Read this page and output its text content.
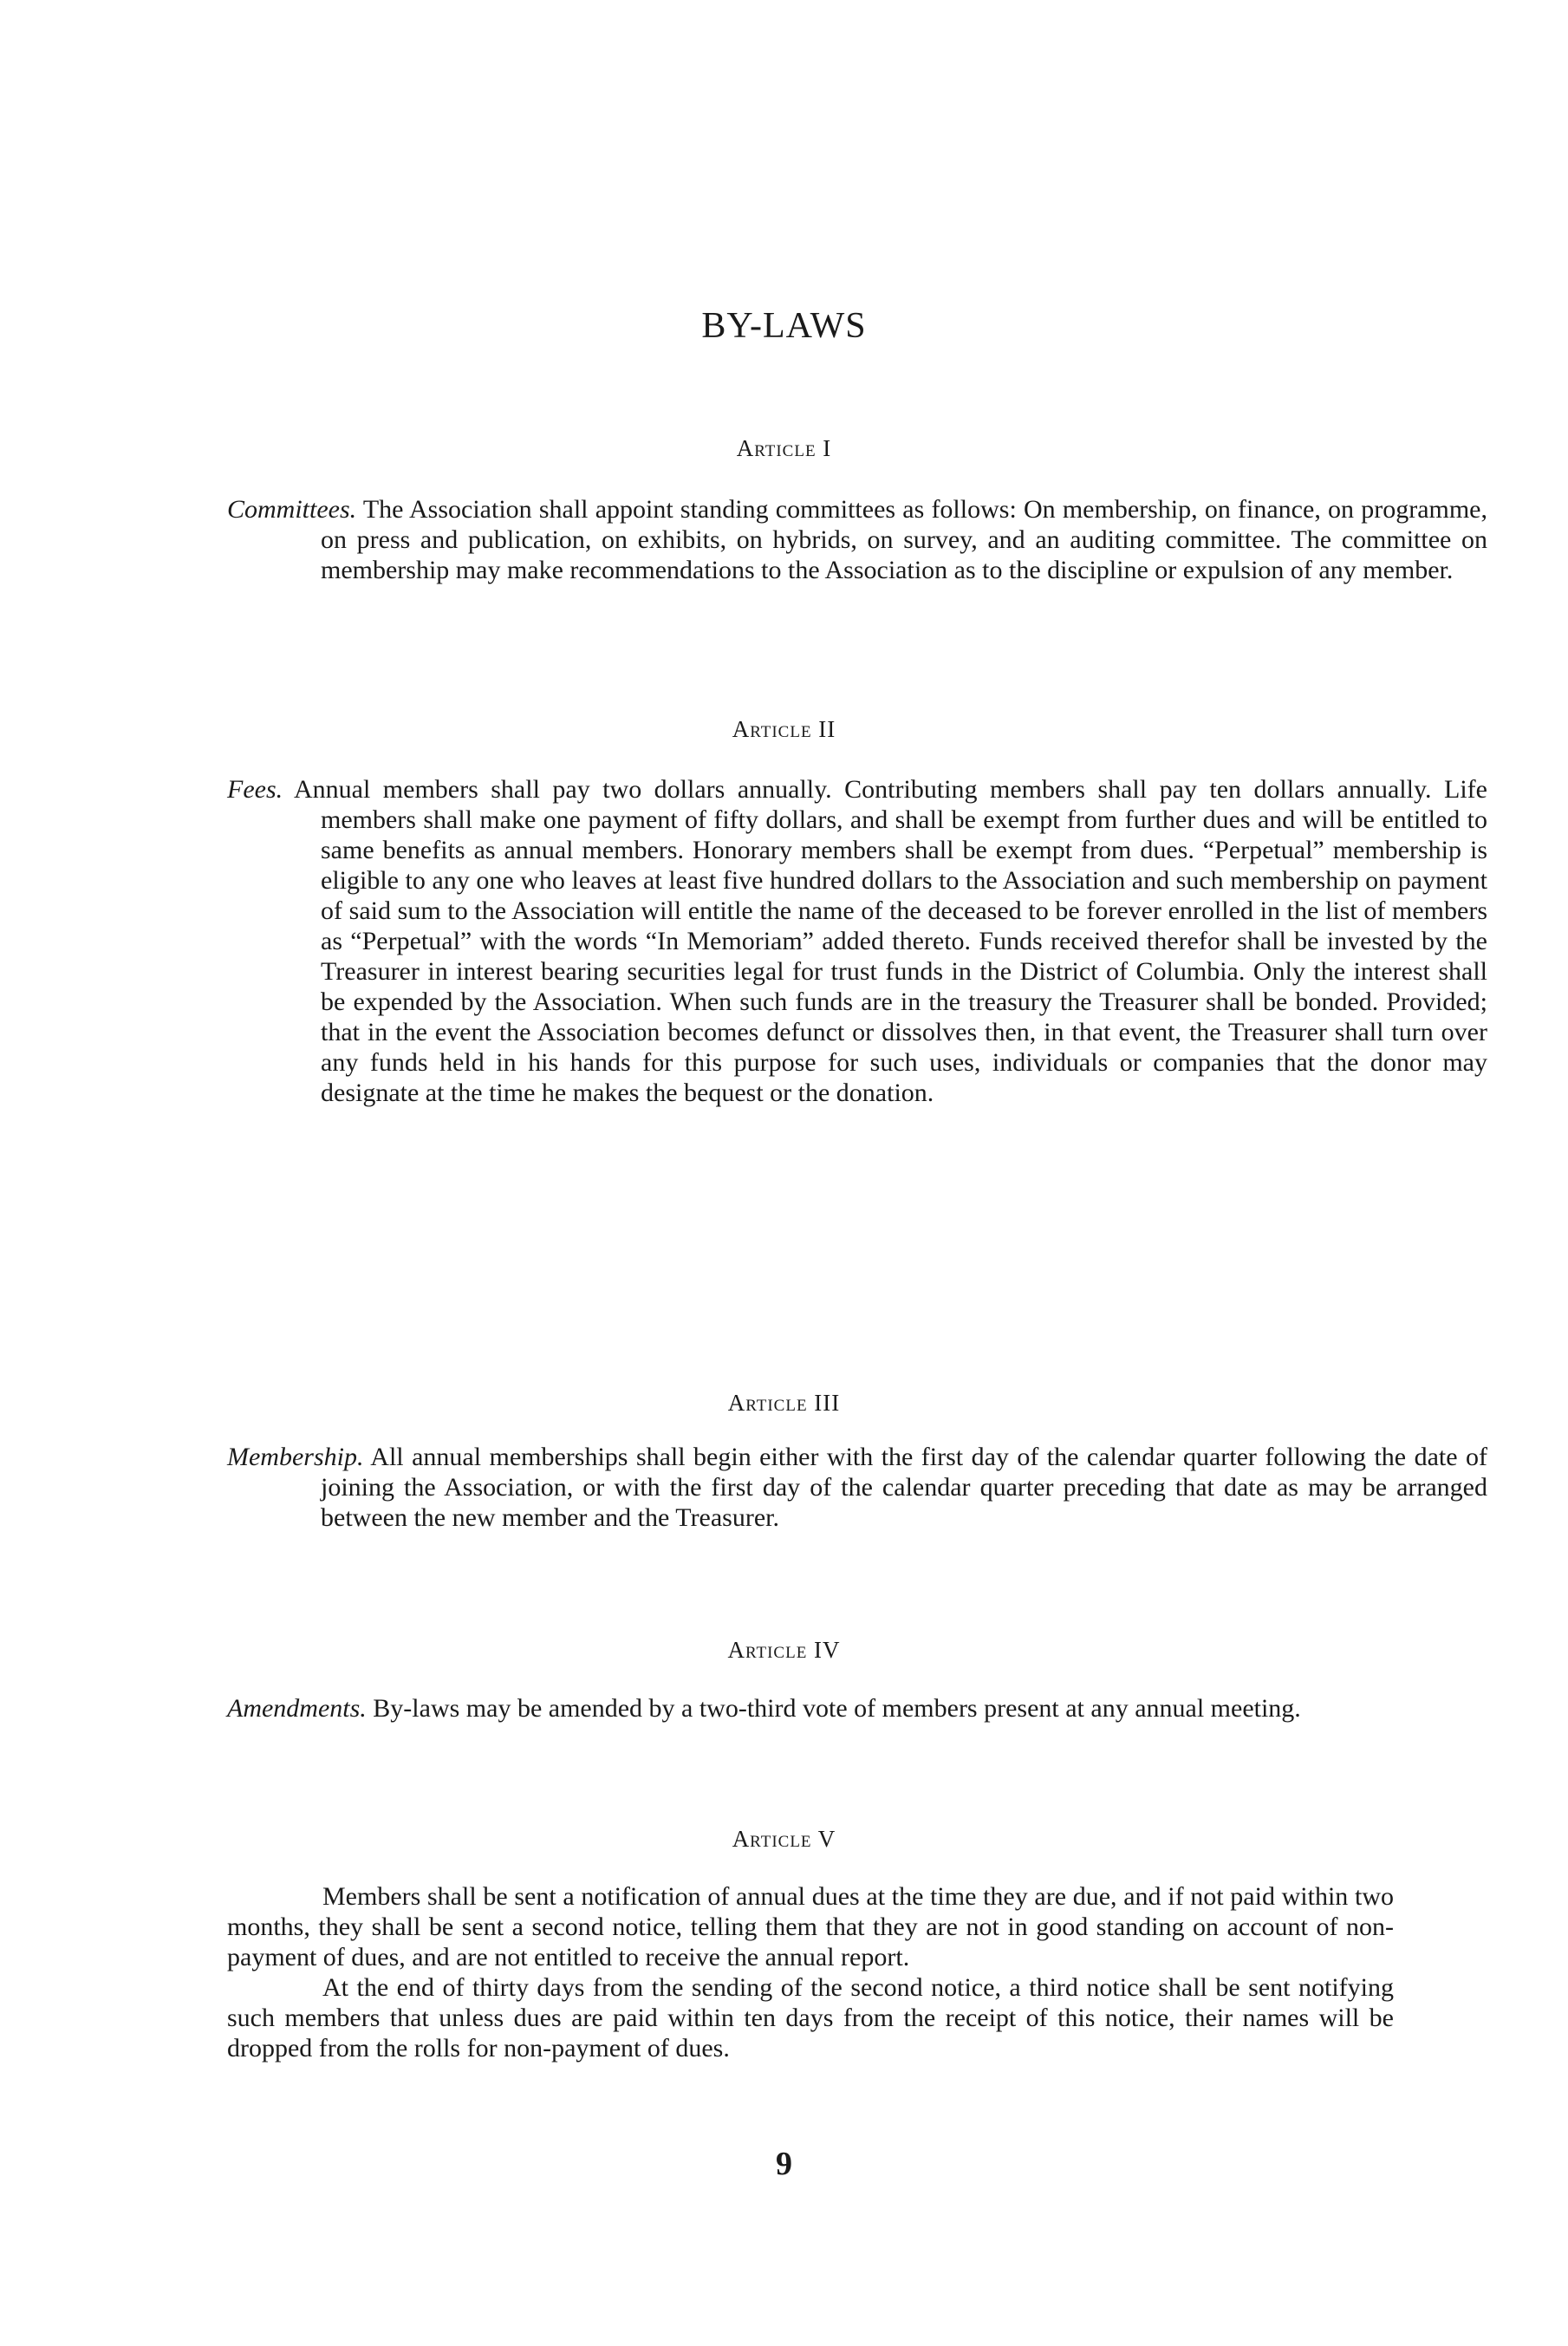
BY-LAWS
Article I
Committees. The Association shall appoint standing committees as follows: On membership, on finance, on programme, on press and publication, on exhibits, on hybrids, on survey, and an auditing committee. The committee on membership may make recommendations to the Association as to the discipline or expulsion of any member.
Article II
Fees. Annual members shall pay two dollars annually. Contributing members shall pay ten dollars annually. Life members shall make one payment of fifty dollars, and shall be exempt from further dues and will be entitled to same benefits as annual members. Honorary members shall be exempt from dues. “Perpetual” membership is eligible to any one who leaves at least five hundred dollars to the Association and such membership on payment of said sum to the Association will entitle the name of the deceased to be forever enrolled in the list of members as “Perpetual” with the words “In Memoriam” added thereto. Funds received therefor shall be invested by the Treasurer in interest bearing securities legal for trust funds in the District of Columbia. Only the interest shall be expended by the Association. When such funds are in the treasury the Treasurer shall be bonded. Provided; that in the event the Association becomes defunct or dissolves then, in that event, the Treasurer shall turn over any funds held in his hands for this purpose for such uses, individuals or companies that the donor may designate at the time he makes the bequest or the donation.
Article III
Membership. All annual memberships shall begin either with the first day of the calendar quarter following the date of joining the Association, or with the first day of the calendar quarter preceding that date as may be arranged between the new member and the Treasurer.
Article IV
Amendments. By-laws may be amended by a two-third vote of members present at any annual meeting.
Article V

Members shall be sent a notification of annual dues at the time they are due, and if not paid within two months, they shall be sent a second notice, telling them that they are not in good standing on account of non-payment of dues, and are not entitled to receive the annual report.

At the end of thirty days from the sending of the second notice, a third notice shall be sent notifying such members that unless dues are paid within ten days from the receipt of this notice, their names will be dropped from the rolls for non-payment of dues.

9
